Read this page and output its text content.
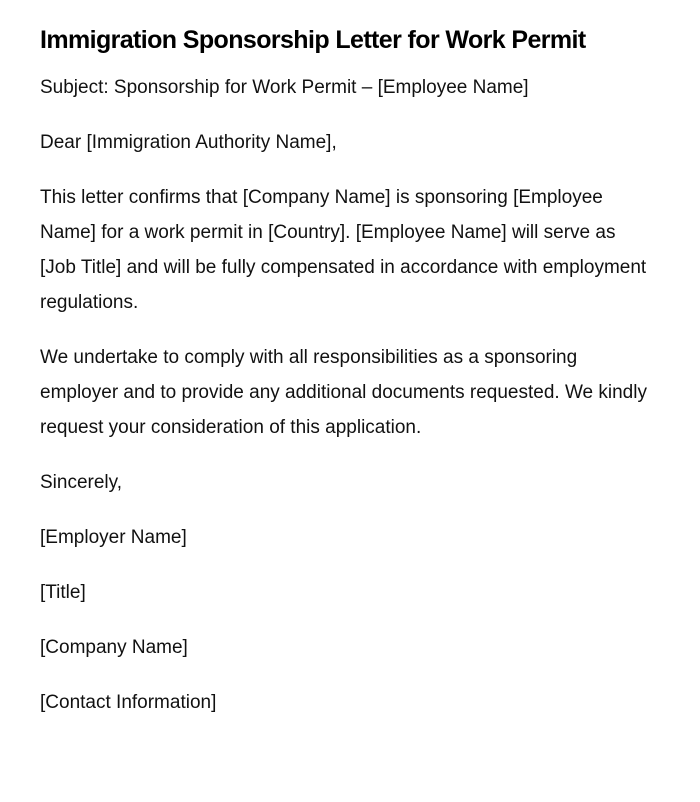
Immigration Sponsorship Letter for Work Permit

Subject: Sponsorship for Work Permit – [Employee Name]

Dear [Immigration Authority Name],

This letter confirms that [Company Name] is sponsoring [Employee Name] for a work permit in [Country]. [Employee Name] will serve as [Job Title] and will be fully compensated in accordance with employment regulations.

We undertake to comply with all responsibilities as a sponsoring employer and to provide any additional documents requested. We kindly request your consideration of this application.

Sincerely,

[Employer Name]

[Title]

[Company Name]

[Contact Information]
